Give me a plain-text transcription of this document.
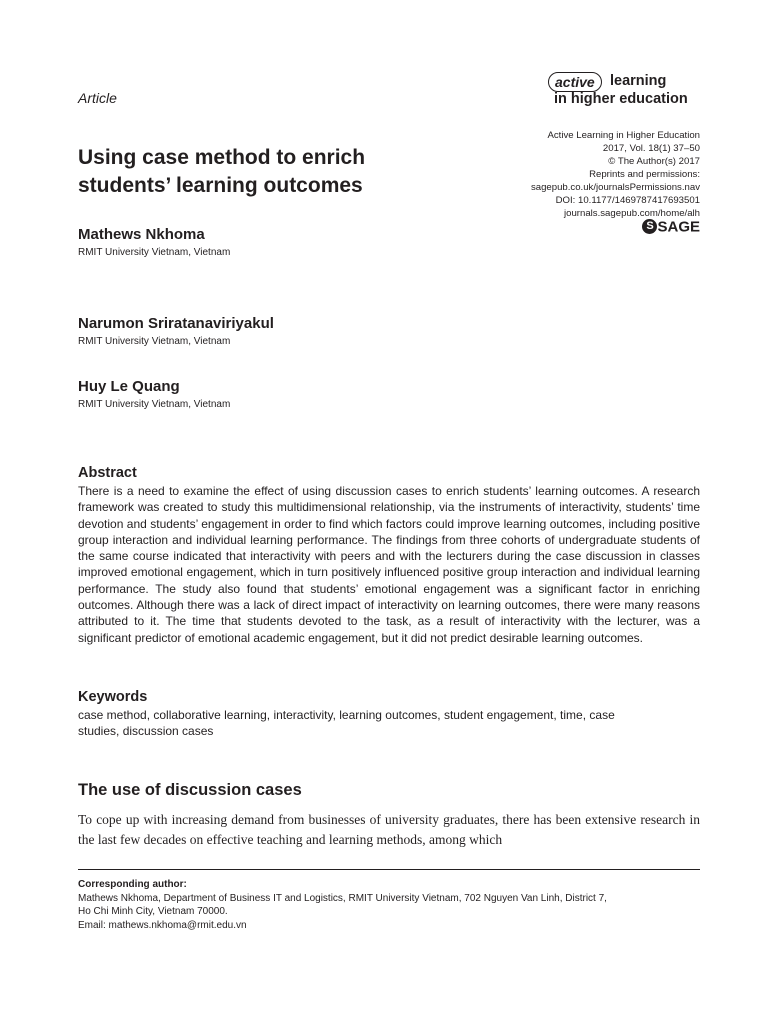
Article
active	learning
in higher education
Active Learning in Higher Education
2017, Vol. 18(1) 37–50
© The Author(s) 2017
Reprints and permissions:
sagepub.co.uk/journalsPermissions.nav
DOI: 10.1177/1469787417693501
journals.sagepub.com/home/alh
S SAGE
Using case method to enrich
students’ learning outcomes
Mathews Nkhoma
RMIT University Vietnam, Vietnam
Narumon Sriratanaviriyakul
RMIT University Vietnam, Vietnam
Huy Le Quang
RMIT University Vietnam, Vietnam
Abstract
There is a need to examine the effect of using discussion cases to enrich students’ learning outcomes. A research framework was created to study this multidimensional relationship, via the instruments of interactivity, students’ time devotion and students’ engagement in order to find which factors could improve learning outcomes, including positive group interaction and individual learning performance. The findings from three cohorts of undergraduate students of the same course indicated that interactivity with peers and with the lecturers during the case discussion in classes improved emotional engagement, which in turn positively influenced positive group interaction and individual learning performance. The study also found that students’ emotional engagement was a significant factor in enriching outcomes. Although there was a lack of direct impact of interactivity on learning outcomes, there were many reasons attributed to it. The time that students devoted to the task, as a result of interactivity with the lecturer, was a significant predictor of emotional academic engagement, but it did not predict desirable learning outcomes.
Keywords
case method, collaborative learning, interactivity, learning outcomes, student engagement, time, case
studies, discussion cases
The use of discussion cases
To cope up with increasing demand from businesses of university graduates, there has been extensive research in the last few decades on effective teaching and learning methods, among which
Corresponding author:
Mathews Nkhoma, Department of Business IT and Logistics, RMIT University Vietnam, 702 Nguyen Van Linh, District 7,
Ho Chi Minh City, Vietnam 70000.
Email: mathews.nkhoma@rmit.edu.vn
